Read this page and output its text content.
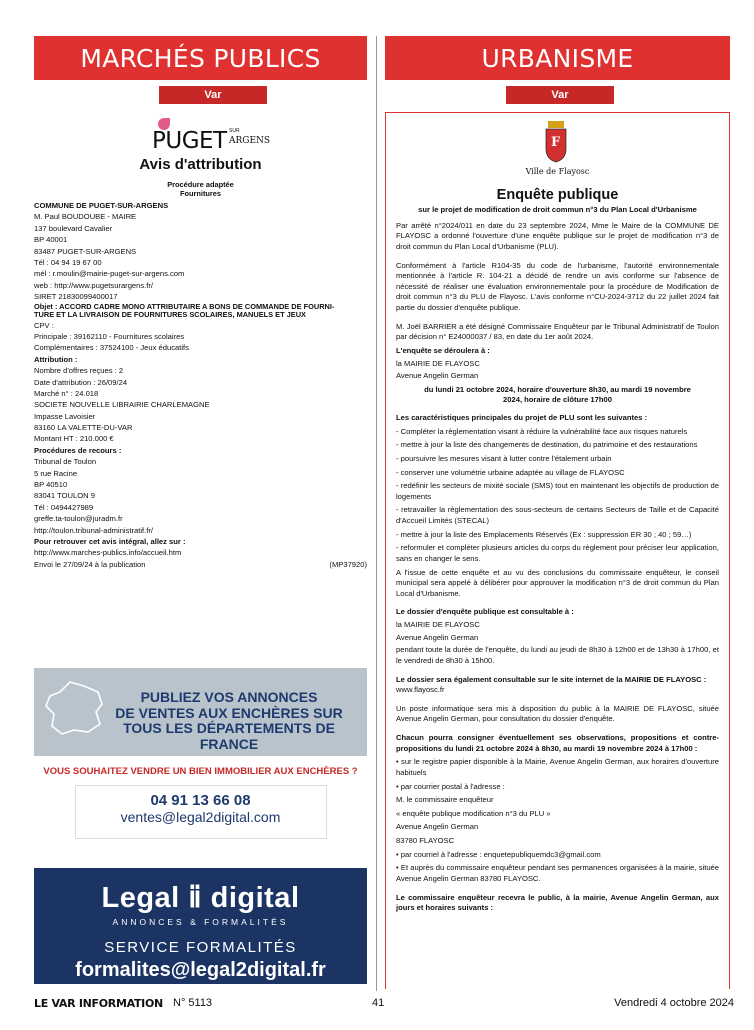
MARCHÉS PUBLICS
Var
PUGET SUR
ARGENS
Avis d'attribution
Procédure adaptée
Fournitures
COMMUNE DE PUGET-SUR-ARGENS
M. Paul BOUDOUBE - MAIRE
137 boulevard Cavalier
BP 40001
83487 PUGET-SUR-ARGENS
Tél : 04 94 19 67 00
mél : r.moulin@mairie-puget-sur-argens.com
web : http://www.pugetsurargens.fr/
SIRET 21830099400017
Objet : ACCORD CADRE MONO ATTRIBUTAIRE A BONS DE COMMANDE DE FOURNI-
TURE ET LA LIVRAISON DE FOURNITURES SCOLAIRES, MANUELS ET JEUX
CPV :
Principale : 39162110 - Fournitures scolaires
Complémentaires : 37524100 - Jeux éducatifs
Attribution :
Nombre d'offres reçues : 2
Date d'attribution : 26/09/24
Marché n° : 24.018
SOCIETE NOUVELLE LIBRAIRIE CHARLEMAGNE
Impasse Lavoisier
83160 LA VALETTE-DU-VAR
Montant HT : 210.000 €
Procédures de recours :
Tribunal de Toulon
5 rue Racine
BP 40510
83041 TOULON 9
Tél : 0494427989
greffe.ta-toulon@juradm.fr
http://toulon.tribunal-administratif.fr/
Pour retrouver cet avis intégral, allez sur :
http://www.marches-publics.info/accueil.htm
Envoi le 27/09/24 à la publication	(MP37920)
PUBLIEZ VOS ANNONCES
DE VENTES AUX ENCHÈRES SUR
TOUS LES DÉPARTEMENTS DE FRANCE
VOUS SOUHAITEZ VENDRE UN BIEN IMMOBILIER AUX ENCHÈRES ?
04 91 13 66 08
ventes@legal2digital.com
Legal ⅱ digital
ANNONCES & FORMALITÉS
SERVICE FORMALITÉS
formalites@legal2digital.fr
URBANISME
Var
F
Ville de Flayosc
Enquête publique
sur le projet de modification de droit commun n°3 du Plan Local d'Urbanisme

Par arrêté n°2024/011 en date du 23 septembre 2024, Mme le Maire de la COMMUNE DE FLAYOSC a ordonné l'ouverture d'une enquête publique sur le projet de modification n°3 de droit commun du Plan Local d'Urbanisme (PLU).

Conformément à l'article R104-35 du code de l'urbanisme, l'autorité environnementale mentionnée à l'article R. 104-21 a décidé de rendre un avis conforme sur l'absence de nécessité de réaliser une évaluation environnementale pour la procédure de Modification de droit commun n°3 du PLU de Flayosc. L'avis conforme n°CU-2024-3712 du 22 juillet 2024 fait partie du dossier d'enquête publique.

M. Joël BARRIER a été désigné Commissaire Enquêteur par le Tribunal Administratif de Toulon par décision n° E24000037 / 83, en date du 1er août 2024.

L'enquête se déroulera à :

la MAIRIE DE FLAYOSC

Avenue Angelin German

du lundi 21 octobre 2024, horaire d'ouverture 8h30, au mardi 19 novembre 2024, horaire de clôture 17h00

Les caractéristiques principales du projet de PLU sont les suivantes :

- Compléter la règlementation visant à réduire la vulnérabilité face aux risques naturels

- mettre à jour la liste des changements de destination, du patrimoine et des restaurations

- poursuivre les mesures visant à lutter contre l'étalement urbain

- conserver une volumétrie urbaine adaptée au village de FLAYOSC

- redéfinir les secteurs de mixité sociale (SMS) tout en maintenant les objectifs de production de logements

- retravailler la règlementation des sous-secteurs de certains Secteurs de Taille et de Capacité d'Accueil Limités (STECAL)

- mettre à jour la liste des Emplacements Réservés (Ex : suppression ER 30 ; 40 ; 59…)

- reformuler et compléter plusieurs articles du corps du règlement pour préciser leur application, sans en changer le sens.

A l'issue de cette enquête et au vu des conclusions du commissaire enquêteur, le conseil municipal sera appelé à délibérer pour approuver la modification n°3 de droit commun du Plan Local d'Urbanisme.

Le dossier d'enquête publique est consultable à :

la MAIRIE DE FLAYOSC

Avenue Angelin German

pendant toute la durée de l'enquête, du lundi au jeudi de 8h30 à 12h00 et de 13h30 à 17h00, et le vendredi de 8h30 à 15h00.

Le dossier sera également consultable sur le site internet de la MAIRIE DE FLAYOSC :

www.flayosc.fr

Un poste informatique sera mis à disposition du public à la MAIRIE DE FLAYOSC, située Avenue Angelin German, pour consultation du dossier d'enquête.

Chacun pourra consigner éventuellement ses observations, propositions et contre-propositions du lundi 21 octobre 2024 à 8h30, au mardi 19 novembre 2024 à 17h00 :

• sur le registre papier disponible à la Mairie, Avenue Angelin German, aux horaires d'ouverture habituels

• par courrier postal à l'adresse :

M. le commissaire enquêteur

« enquête publique modification n°3 du PLU »

Avenue Angelin German

83780 FLAYOSC

• par courriel à l'adresse : enquetepubliquemdc3@gmail.com

• Et auprès du commissaire enquêteur pendant ses permanences organisées à la mairie, située Avenue Angelin German 83780 FLAYOSC.

Le commissaire enquêteur recevra le public, à la mairie, Avenue Angelin German, aux jours et horaires suivants :

LE VAR INFORMATION N° 5113	41	Vendredi 4 octobre 2024
